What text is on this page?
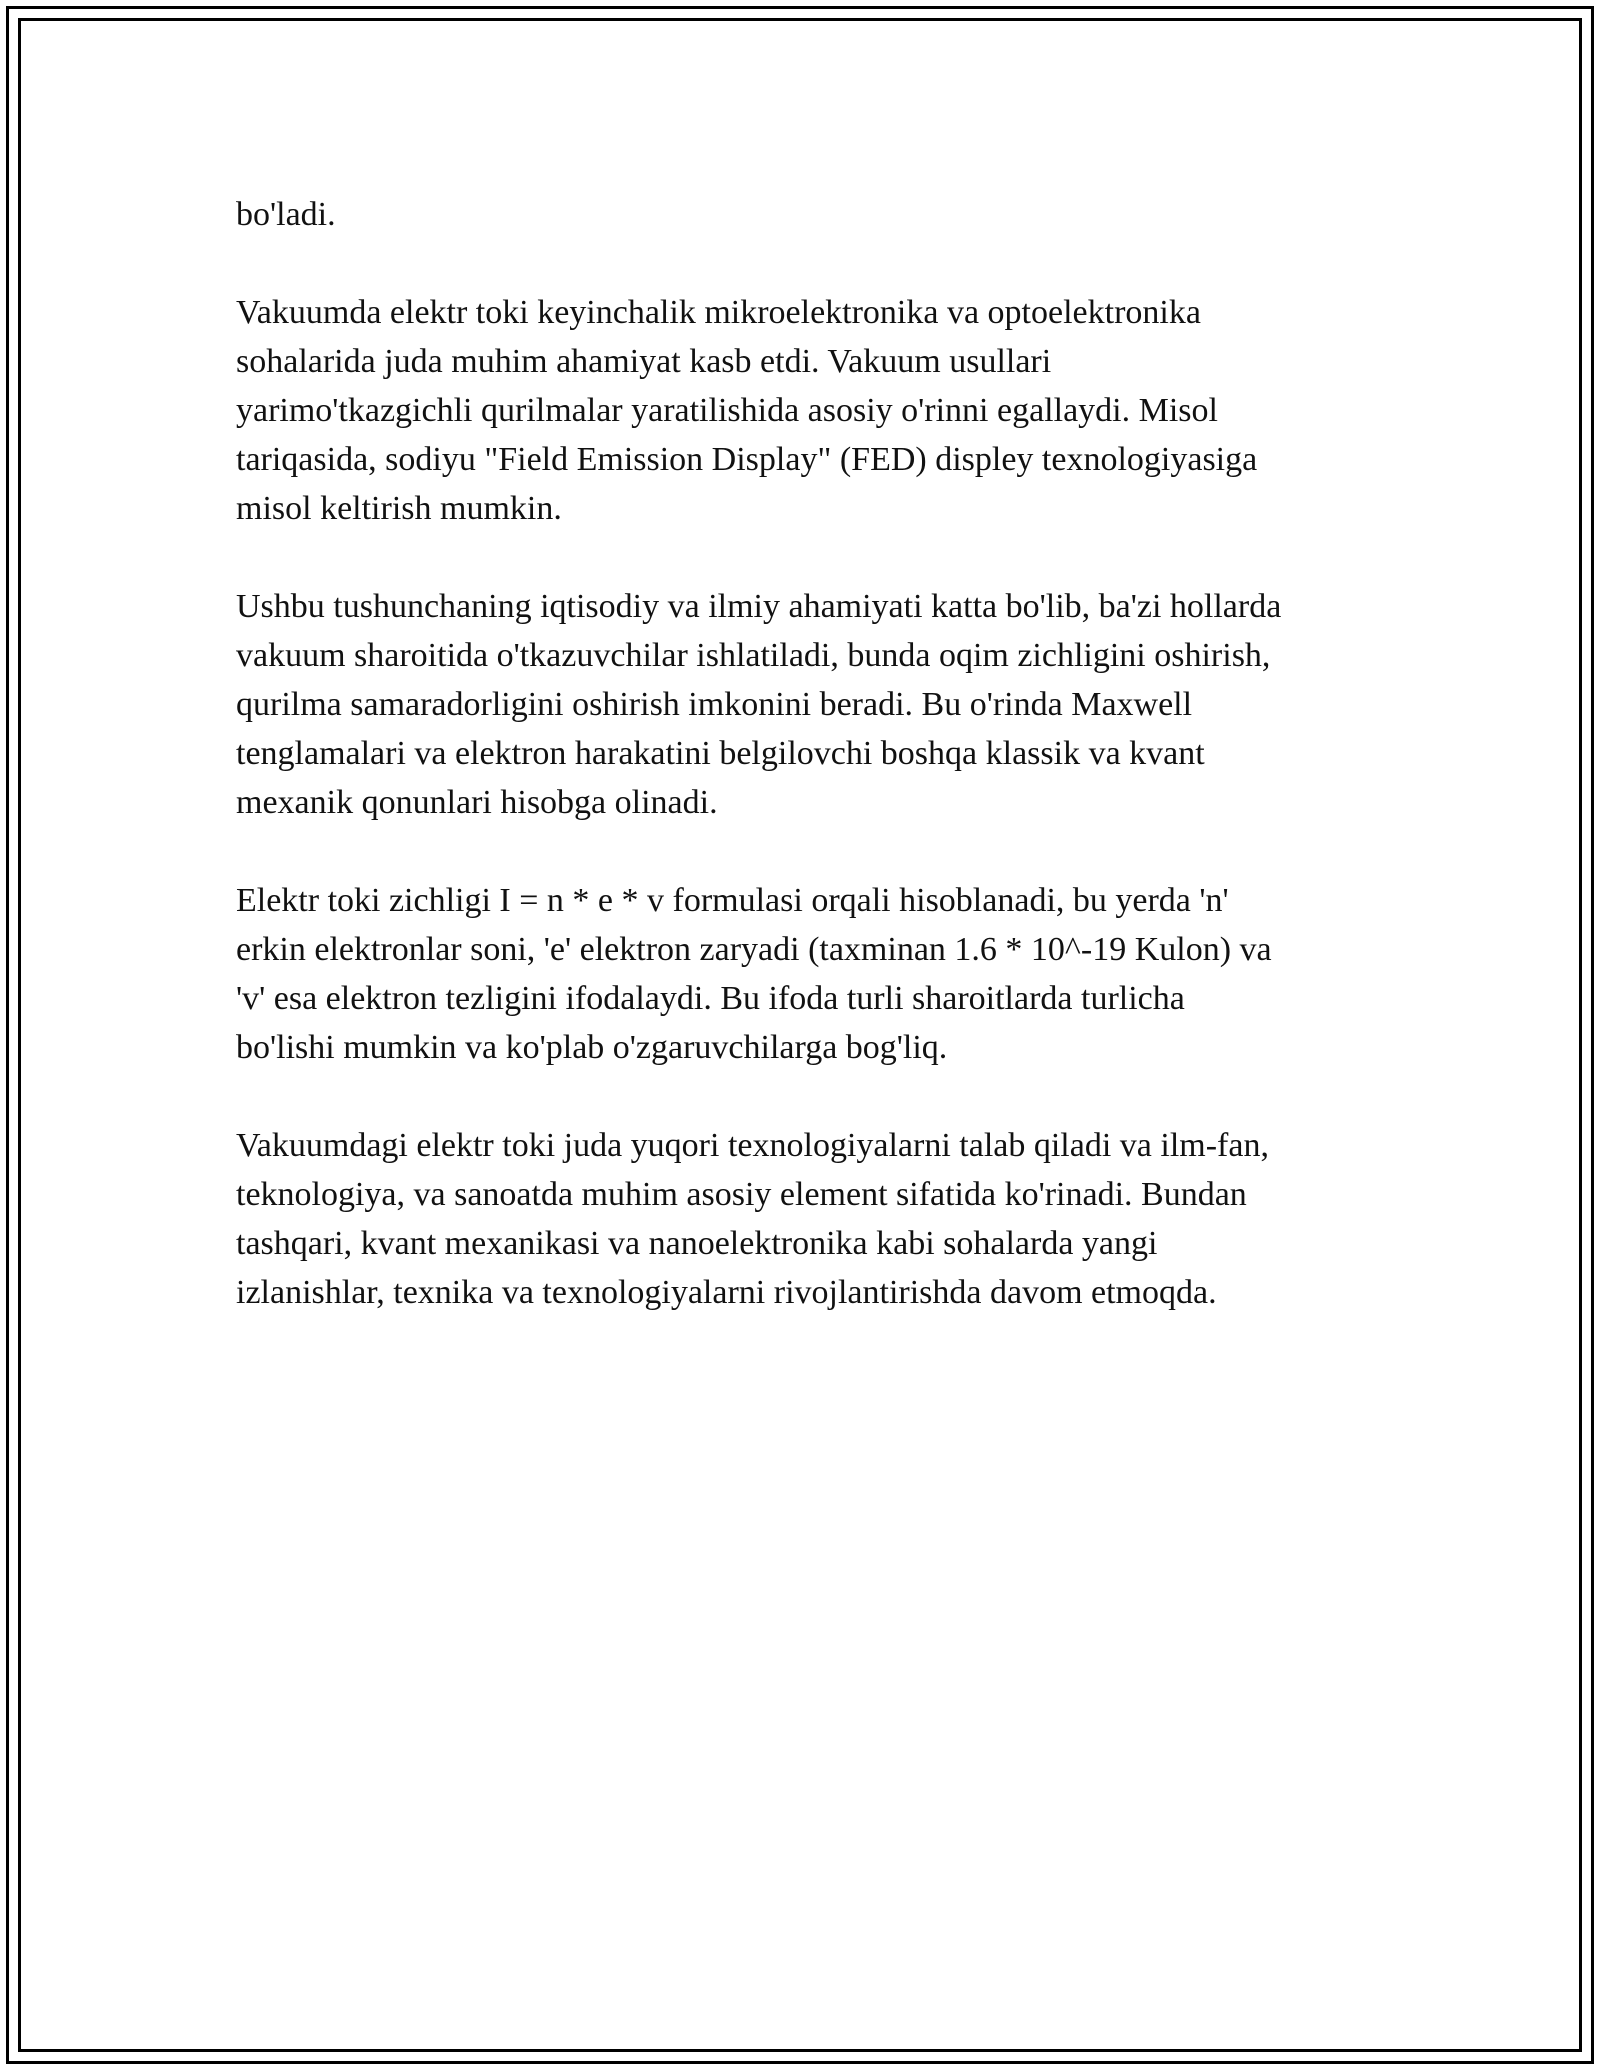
bo'ladi.

Vakuumda elektr toki keyinchalik mikroelektronika va optoelektronika
sohalarida juda muhim ahamiyat kasb etdi. Vakuum usullari
yarimo'tkazgichli qurilmalar yaratilishida asosiy o'rinni egallaydi. Misol
tariqasida, sodiyu "Field Emission Display" (FED) displey texnologiyasiga
misol keltirish mumkin.

Ushbu tushunchaning iqtisodiy va ilmiy ahamiyati katta bo'lib, ba'zi hollarda
vakuum sharoitida o'tkazuvchilar ishlatiladi, bunda oqim zichligini oshirish,
qurilma samaradorligini oshirish imkonini beradi. Bu o'rinda Maxwell
tenglamalari va elektron harakatini belgilovchi boshqa klassik va kvant
mexanik qonunlari hisobga olinadi.

Elektr toki zichligi I = n * e * v formulasi orqali hisoblanadi, bu yerda 'n'
erkin elektronlar soni, 'e' elektron zaryadi (taxminan 1.6 * 10^-19 Kulon) va
'v' esa elektron tezligini ifodalaydi. Bu ifoda turli sharoitlarda turlicha
bo'lishi mumkin va ko'plab o'zgaruvchilarga bog'liq.

Vakuumdagi elektr toki juda yuqori texnologiyalarni talab qiladi va ilm-fan,
teknologiya, va sanoatda muhim asosiy element sifatida ko'rinadi. Bundan
tashqari, kvant mexanikasi va nanoelektronika kabi sohalarda yangi
izlanishlar, texnika va texnologiyalarni rivojlantirishda davom etmoqda.
